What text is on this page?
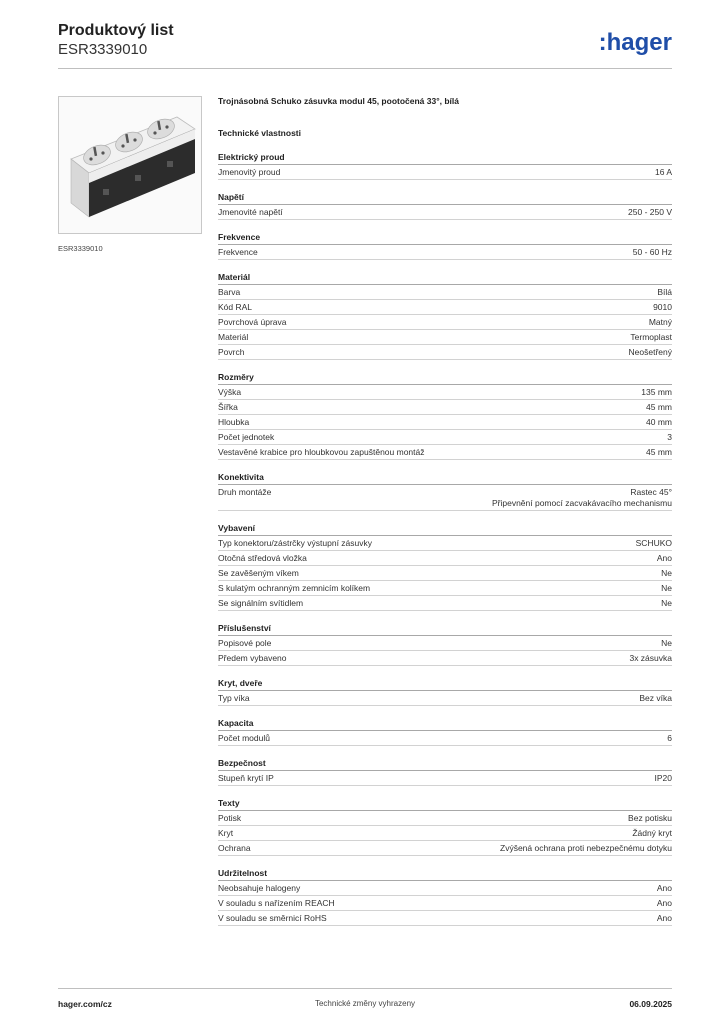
Produktový list
ESR3339010	:hager
ESR3339010
Trojnásobná Schuko zásuvka modul 45, pootočená 33°, bílá
Technické vlastnosti
Elektrický proud
Jmenovitý proud	16 A
Napětí
Jmenovité napětí	250 - 250 V
Frekvence
Frekvence	50 - 60 Hz
Materiál
Barva	Bílá
Kód RAL	9010
Povrchová úprava	Matný
Materiál	Termoplast
Povrch	Neošetřený
Rozměry
Výška	135 mm
Šířka	45 mm
Hloubka	40 mm
Počet jednotek	3
Vestavěné krabice pro hloubkovou zapuštěnou montáž	45 mm
Konektivita
Druh montáže	Rastec 45°
Připevnění pomocí zacvakávacího mechanismu
Vybavení
Typ konektoru/zástrčky výstupní zásuvky	SCHUKO
Otočná středová vložka	Ano
Se zavěšeným víkem	Ne
S kulatým ochranným zemnicím kolíkem	Ne
Se signálním svítidlem	Ne
Příslušenství
Popisové pole	Ne
Předem vybaveno	3x zásuvka
Kryt, dveře
Typ víka	Bez víka
Kapacita
Počet modulů	6
Bezpečnost
Stupeň krytí IP	IP20
Texty
Potisk	Bez potisku
Kryt	Žádný kryt
Ochrana	Zvýšená ochrana proti nebezpečnému dotyku
Udržitelnost
Neobsahuje halogeny	Ano
V souladu s nařízením REACH	Ano
V souladu se směrnicí RoHS	Ano
hager.com/cz	Technické změny vyhrazeny	06.09.2025
